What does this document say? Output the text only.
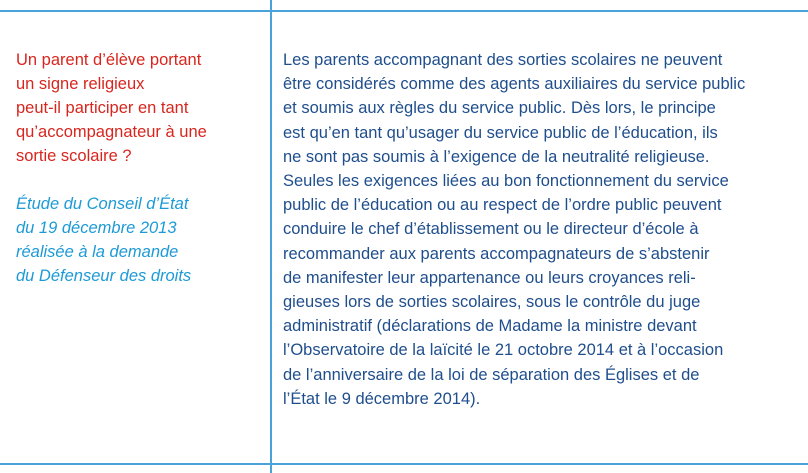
Un parent d’élève portant
un signe religieux
peut-il participer en tant
qu’accompagnateur à une
sortie scolaire ?
Étude du Conseil d’État
du 19 décembre 2013
réalisée à la demande
du Défenseur des droits

Les parents accompagnant des sorties scolaires ne peuvent
être considérés comme des agents auxiliaires du service public
et soumis aux règles du service public. Dès lors, le principe
est qu’en tant qu’usager du service public de l’éducation, ils
ne sont pas soumis à l’exigence de la neutralité religieuse.
Seules les exigences liées au bon fonctionnement du service
public de l’éducation ou au respect de l’ordre public peuvent
conduire le chef d’établissement ou le directeur d’école à
recommander aux parents accompagnateurs de s’abstenir
de manifester leur appartenance ou leurs croyances reli-
gieuses lors de sorties scolaires, sous le contrôle du juge
administratif (déclarations de Madame la ministre devant
l’Observatoire de la laïcité le 21 octobre 2014 et à l’occasion
de l’anniversaire de la loi de séparation des Églises et de
l’État le 9 décembre 2014).
